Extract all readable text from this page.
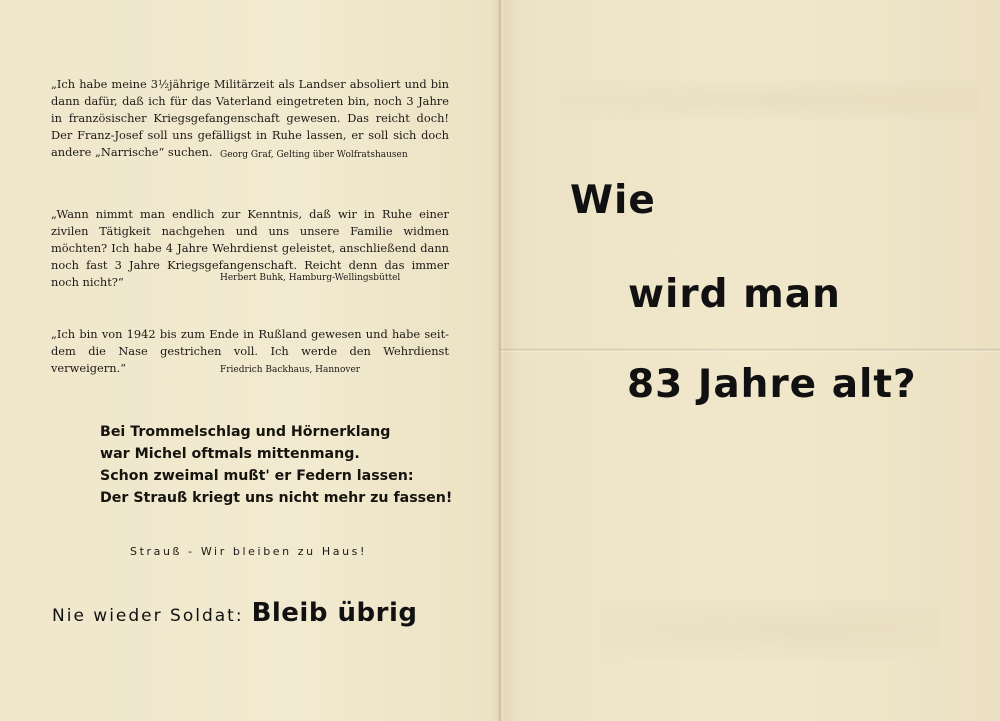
„Ich habe meine 3½jährige Militärzeit als Landser absoliert und bin dann dafür, daß ich für das Vaterland eingetreten bin, noch 3 Jahre in französischer Kriegsgefangenschaft gewesen. Das reicht doch! Der Franz-Josef soll uns gefälligst in Ruhe lassen, er soll sich doch andere „Narrische“ suchen. Georg Graf, Gelting über Wolfratshausen

„Wann nimmt man endlich zur Kenntnis, daß wir in Ruhe einer zivilen Tätigkeit nachgehen und uns unsere Familie widmen möchten? Ich habe 4 Jahre Wehrdienst geleistet, anschließend dann noch fast 3 Jahre Kriegsgefangenschaft. Reicht denn das immer noch nicht?“	Herbert Buhk, Hamburg-Wellingsbüttel

„Ich bin von 1942 bis zum Ende in Rußland gewesen und habe seit-dem die Nase gestrichen voll. Ich werde den Wehrdienst verweigern.“	Friedrich Backhaus, Hannover

Bei Trommelschlag und Hörnerklang
war Michel oftmals mittenmang.
Schon zweimal mußt' er Federn lassen:
Der Strauß kriegt uns nicht mehr zu fassen!

Strauß - Wir bleiben zu Haus!

Nie wieder Soldat: Bleib übrig

Wie
wird man
83 Jahre alt?
